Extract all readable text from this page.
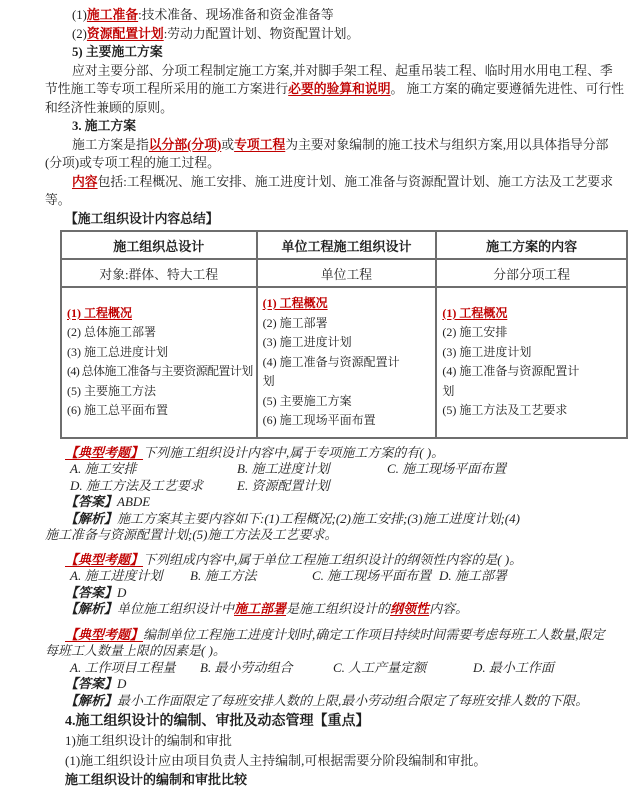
(1)施工准备:技术准备、现场准备和资金准备等
(2)资源配置计划:劳动力配置计划、物资配置计划。
5) 主要施工方案
应对主要分部、分项工程制定施工方案,并对脚手架工程、起重吊装工程、临时用水用电工程、季
节性施工等专项工程所采用的施工方案进行必要的验算和说明。 施工方案的确定要遵循先进性、可行性
和经济性兼顾的原则。
3. 施工方案
施工方案是指以分部(分项)或专项工程为主要对象编制的施工技术与组织方案,用以具体指导分部
(分项)或专项工程的施工过程。
内容包括:工程概况、施工安排、施工进度计划、施工准备与资源配置计划、施工方法及工艺要求
等。
【施工组织设计内容总结】
施工组织总设计	单位工程施工组织设计	施工方案的内容
对象:群体、特大工程	单位工程	分部分项工程

(1) 工程概况
(2) 总体施工部署
(3) 施工总进度计划
(4) 总体施工准备与主要资源配置计划
(5) 主要施工方法
(6) 施工总平面布置

(1) 工程概况
(2) 施工部署
(3) 施工进度计划
(4) 施工准备与资源配置计
划
(5) 主要施工方案
(6) 施工现场平面布置

(1) 工程概况
(2) 施工安排
(3) 施工进度计划
(4) 施工准备与资源配置计
划
(5) 施工方法及工艺要求
【典型考题】下列施工组织设计内容中,属于专项施工方案的有( )。
A. 施工安排	B. 施工进度计划	C. 施工现场平面布置
D. 施工方法及工艺要求	E. 资源配置计划
【答案】ABDE
【解析】施工方案其主要内容如下:(1)工程概况;(2)施工安排;(3)施工进度计划;(4)
施工准备与资源配置计划;(5)施工方法及工艺要求。
【典型考题】下列组成内容中,属于单位工程施工组织设计的纲领性内容的是( )。
A. 施工进度计划 B. 施工方法	C. 施工现场平面布置 D. 施工部署
【答案】D
【解析】单位施工组织设计中施工部署是施工组织设计的纲领性内容。
【典型考题】编制单位工程施工进度计划时,确定工作项目持续时间需要考虑每班工人数量,限定
每班工人数量上限的因素是( )。
A. 工作项目工程量 B. 最小劳动组合	C. 人工产量定额	D. 最小工作面
【答案】D
【解析】最小工作面限定了每班安排人数的上限,最小劳动组合限定了每班安排人数的下限。
4.施工组织设计的编制、审批及动态管理【重点】
1)施工组织设计的编制和审批
(1)施工组织设计应由项目负责人主持编制,可根据需要分阶段编制和审批。
施工组织设计的编制和审批比较
